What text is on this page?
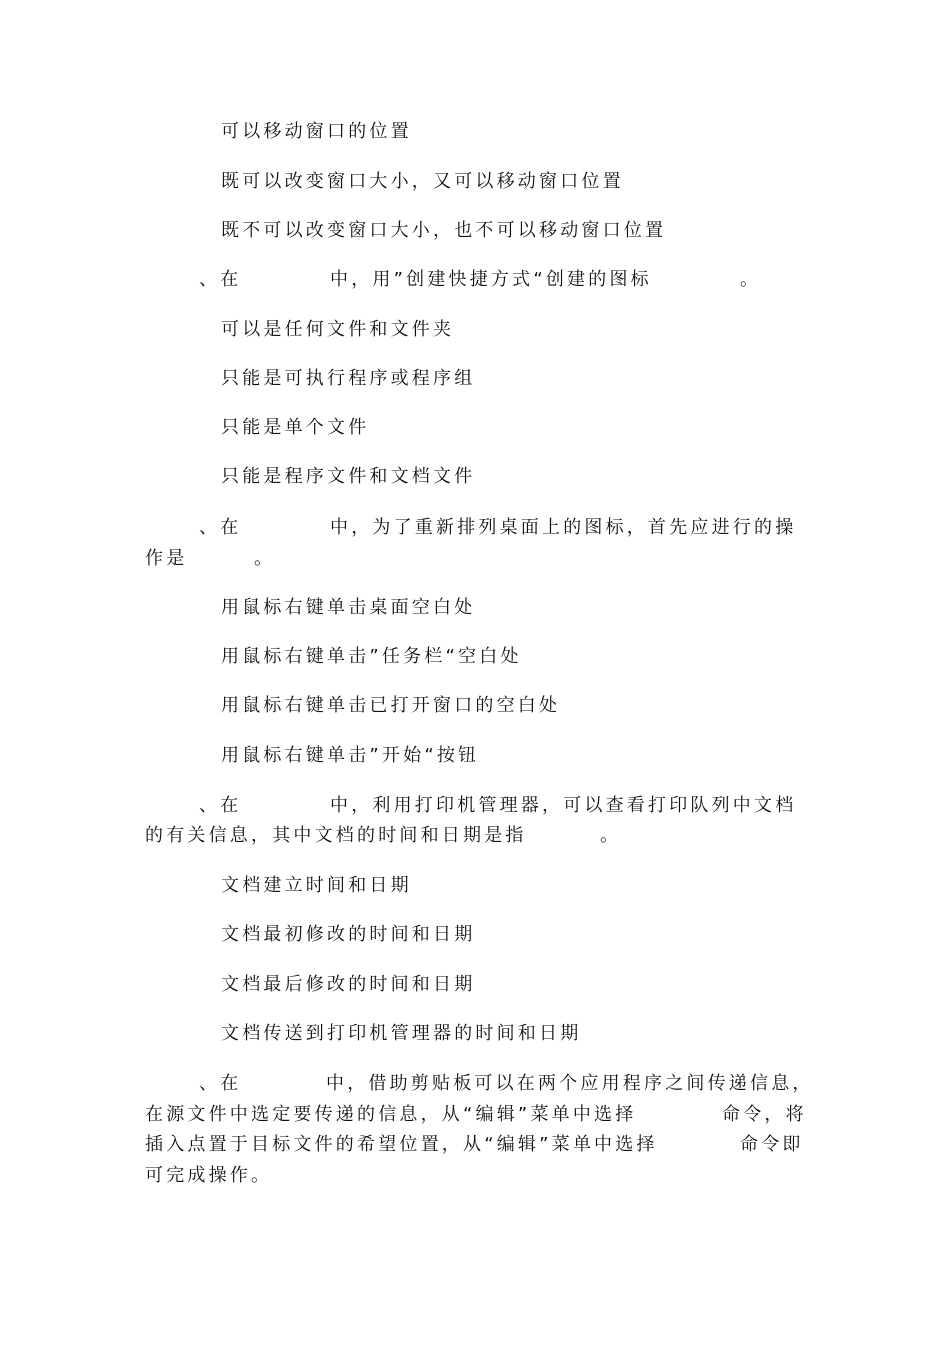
可以移动窗口的位置
既可以改变窗口大小，又可以移动窗口位置
既不可以改变窗口大小，也不可以移动窗口位置
、在	中，用”创建快捷方式“创建的图标	。
可以是任何文件和文件夹
只能是可执行程序或程序组
只能是单个文件
只能是程序文件和文档文件
、在	中，为了重新排列桌面上的图标，首先应进行的操
作是	。
用鼠标右键单击桌面空白处
用鼠标右键单击”任务栏“空白处
用鼠标右键单击已打开窗口的空白处
用鼠标右键单击”开始“按钮
、在	中，利用打印机管理器，可以查看打印队列中文档
的有关信息，其中文档的时间和日期是指	。
文档建立时间和日期
文档最初修改的时间和日期
文档最后修改的时间和日期
文档传送到打印机管理器的时间和日期
、在	中，借助剪贴板可以在两个应用程序之间传递信息，
在源文件中选定要传递的信息，从“编辑”菜单中选择	命令，将
插入点置于目标文件的希望位置，从“编辑”菜单中选择	命令即
可完成操作。
